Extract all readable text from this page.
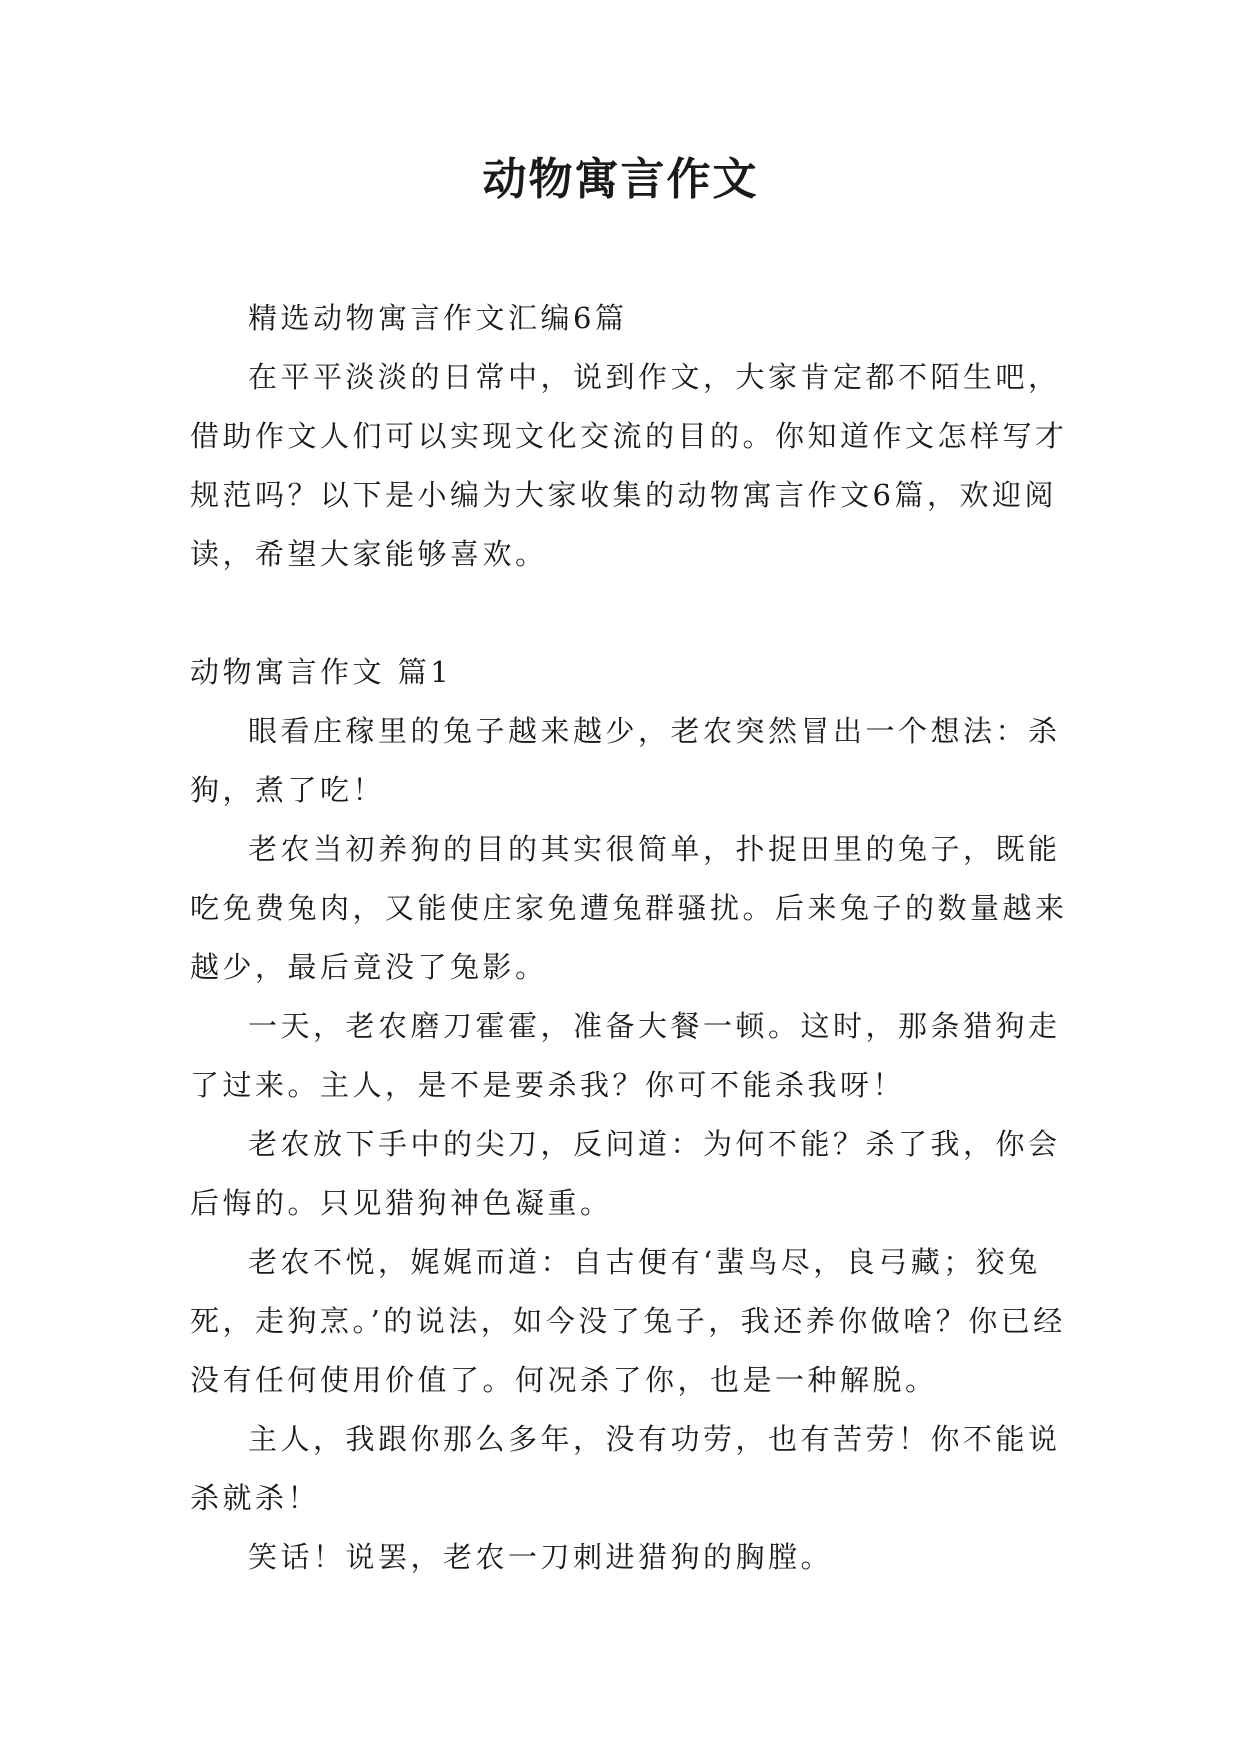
动物寓言作文

精选动物寓言作文汇编6篇

在平平淡淡的日常中，说到作文，大家肯定都不陌生吧，借助作文人们可以实现文化交流的目的。你知道作文怎样写才规范吗？以下是小编为大家收集的动物寓言作文6篇，欢迎阅读，希望大家能够喜欢。

动物寓言作文 篇1

眼看庄稼里的兔子越来越少，老农突然冒出一个想法：杀狗，煮了吃！

老农当初养狗的目的其实很简单，扑捉田里的兔子，既能吃免费兔肉，又能使庄家免遭兔群骚扰。后来兔子的数量越来越少，最后竟没了兔影。

一天，老农磨刀霍霍，准备大餐一顿。这时，那条猎狗走了过来。主人，是不是要杀我？你可不能杀我呀！

老农放下手中的尖刀，反问道：为何不能？杀了我，你会后悔的。只见猎狗神色凝重。

老农不悦，娓娓而道：自古便有‘蜚鸟尽，良弓藏；狡兔死，走狗烹。’的说法，如今没了兔子，我还养你做啥？你已经没有任何使用价值了。何况杀了你，也是一种解脱。

主人，我跟你那么多年，没有功劳，也有苦劳！你不能说杀就杀！

笑话！说罢，老农一刀刺进猎狗的胸膛。
